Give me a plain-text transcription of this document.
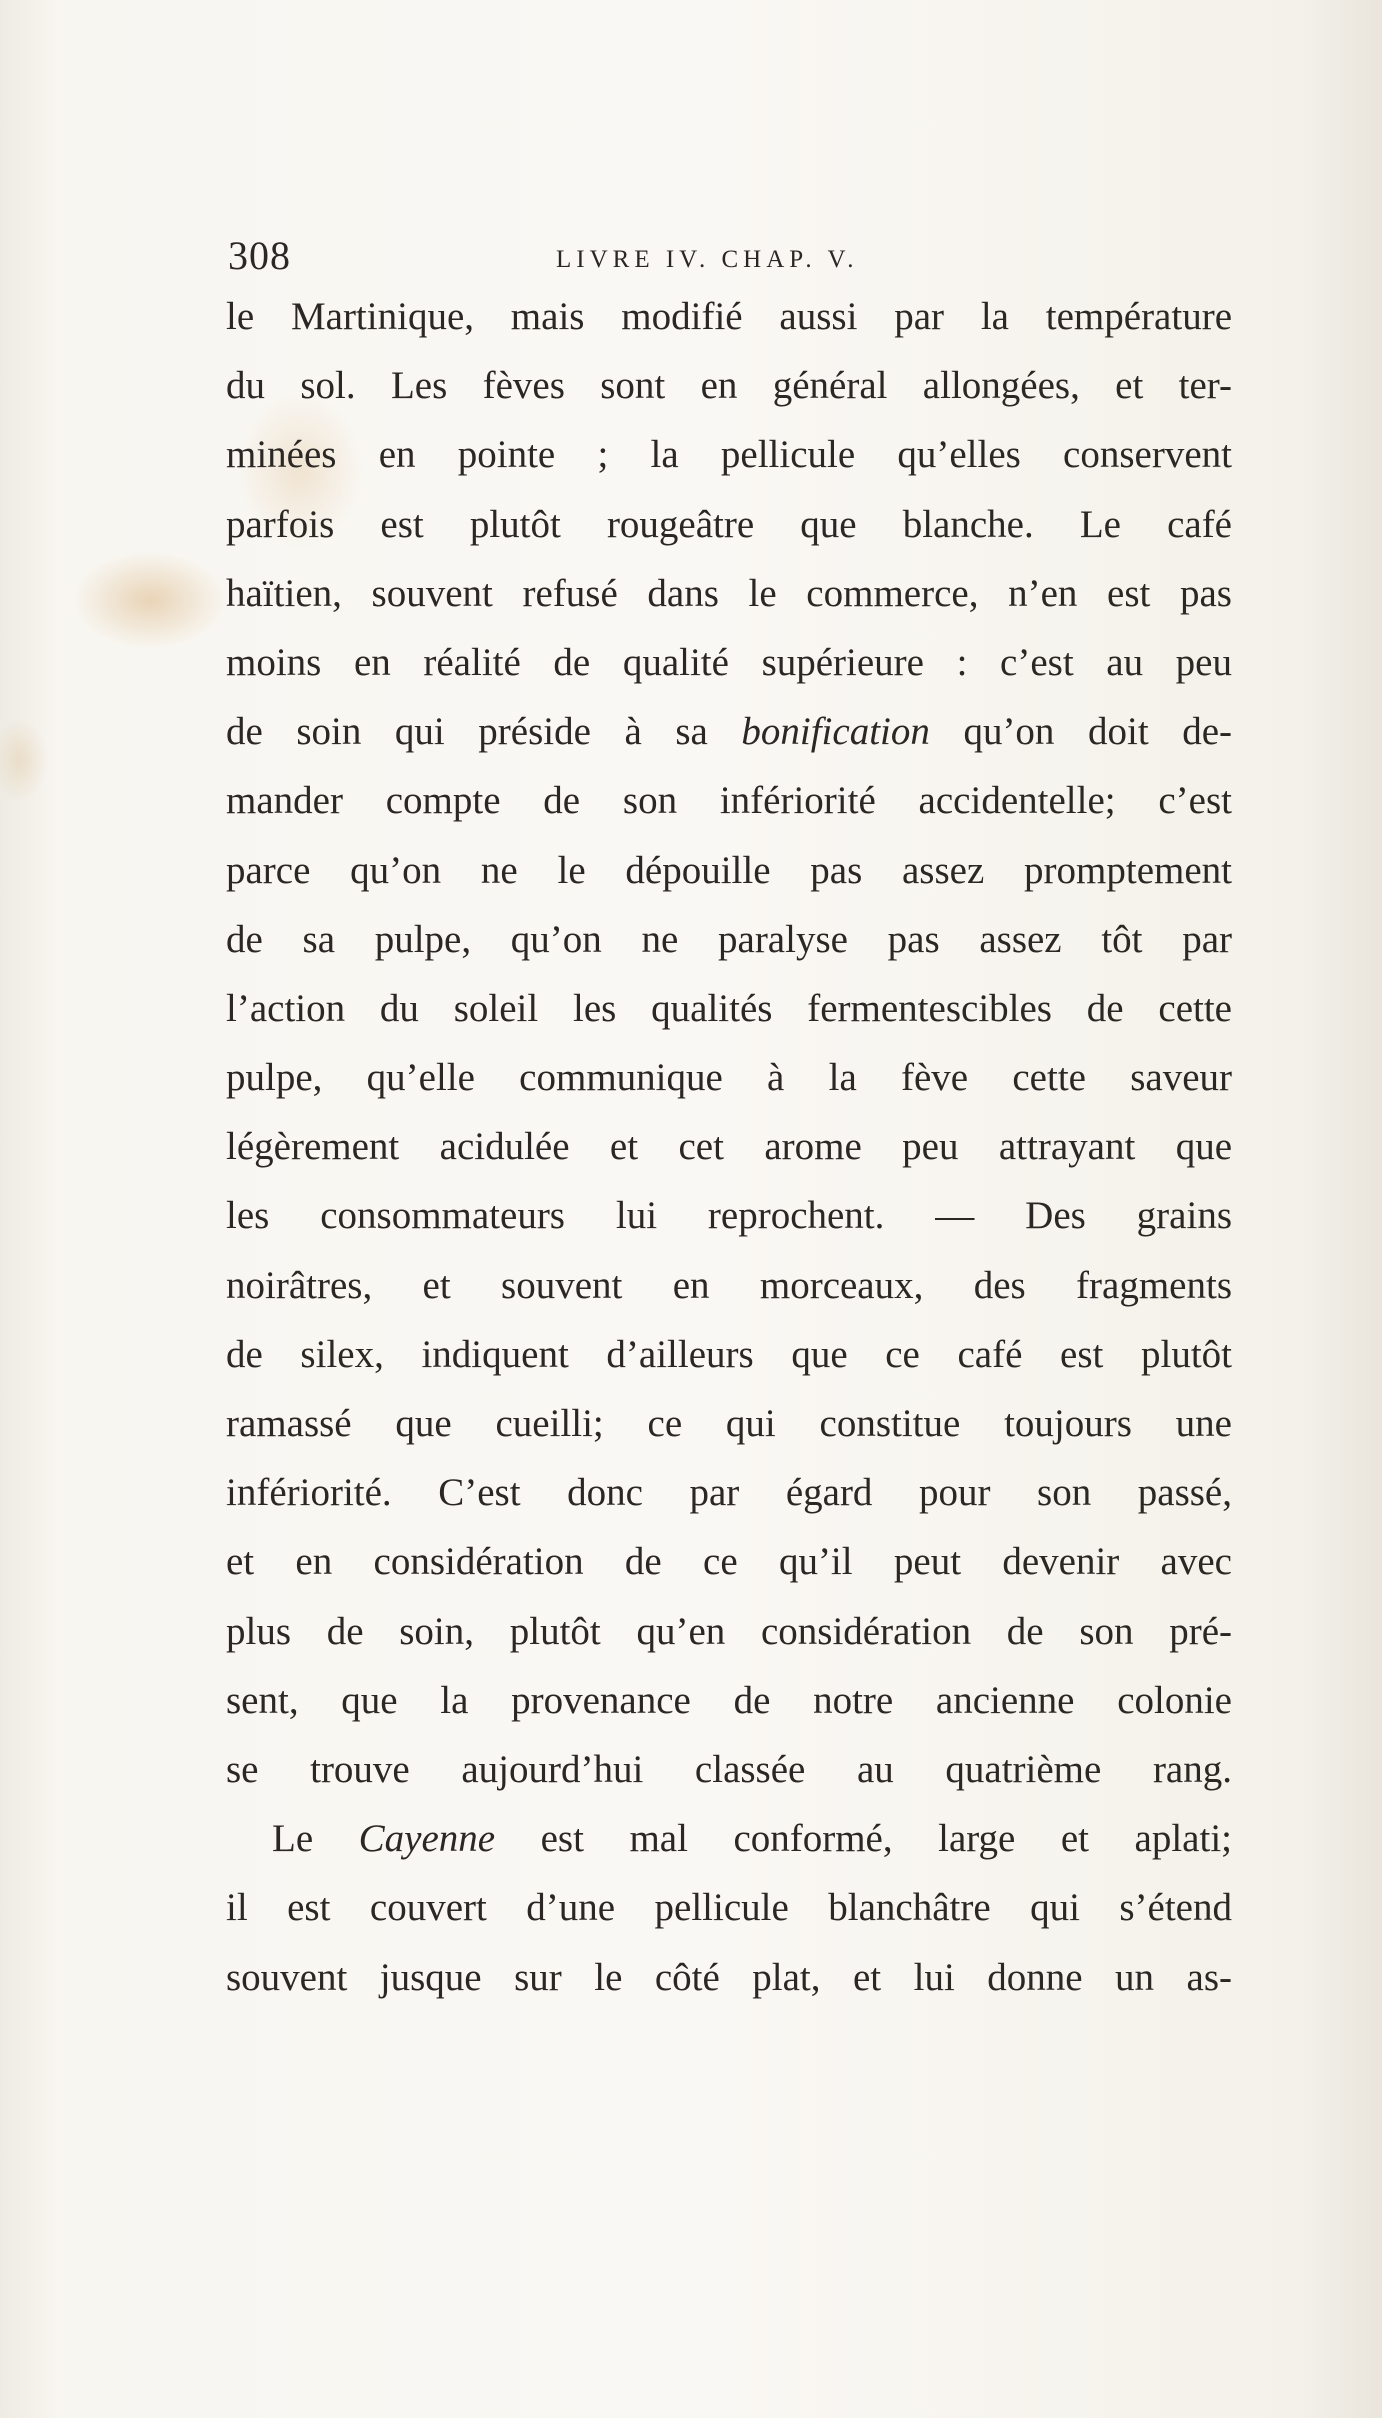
308	LIVRE IV. CHAP. V.
le Martinique, mais modifié aussi par la température
du sol. Les fèves sont en général allongées, et ter-
minées en pointe ; la pellicule qu’elles conservent
parfois est plutôt rougeâtre que blanche. Le café
haïtien, souvent refusé dans le commerce, n’en est pas
moins en réalité de qualité supérieure : c’est au peu
de soin qui préside à sa bonification qu’on doit de-
mander compte de son infériorité accidentelle; c’est
parce qu’on ne le dépouille pas assez promptement
de sa pulpe, qu’on ne paralyse pas assez tôt par
l’action du soleil les qualités fermentescibles de cette
pulpe, qu’elle communique à la fève cette saveur
légèrement acidulée et cet arome peu attrayant que
les consommateurs lui reprochent. — Des grains
noirâtres, et souvent en morceaux, des fragments
de silex, indiquent d’ailleurs que ce café est plutôt
ramassé que cueilli; ce qui constitue toujours une
infériorité. C’est donc par égard pour son passé,
et en considération de ce qu’il peut devenir avec
plus de soin, plutôt qu’en considération de son pré-
sent, que la provenance de notre ancienne colonie
se trouve aujourd’hui classée au quatrième rang.
Le Cayenne est mal conformé, large et aplati;
il est couvert d’une pellicule blanchâtre qui s’étend
souvent jusque sur le côté plat, et lui donne un as-
